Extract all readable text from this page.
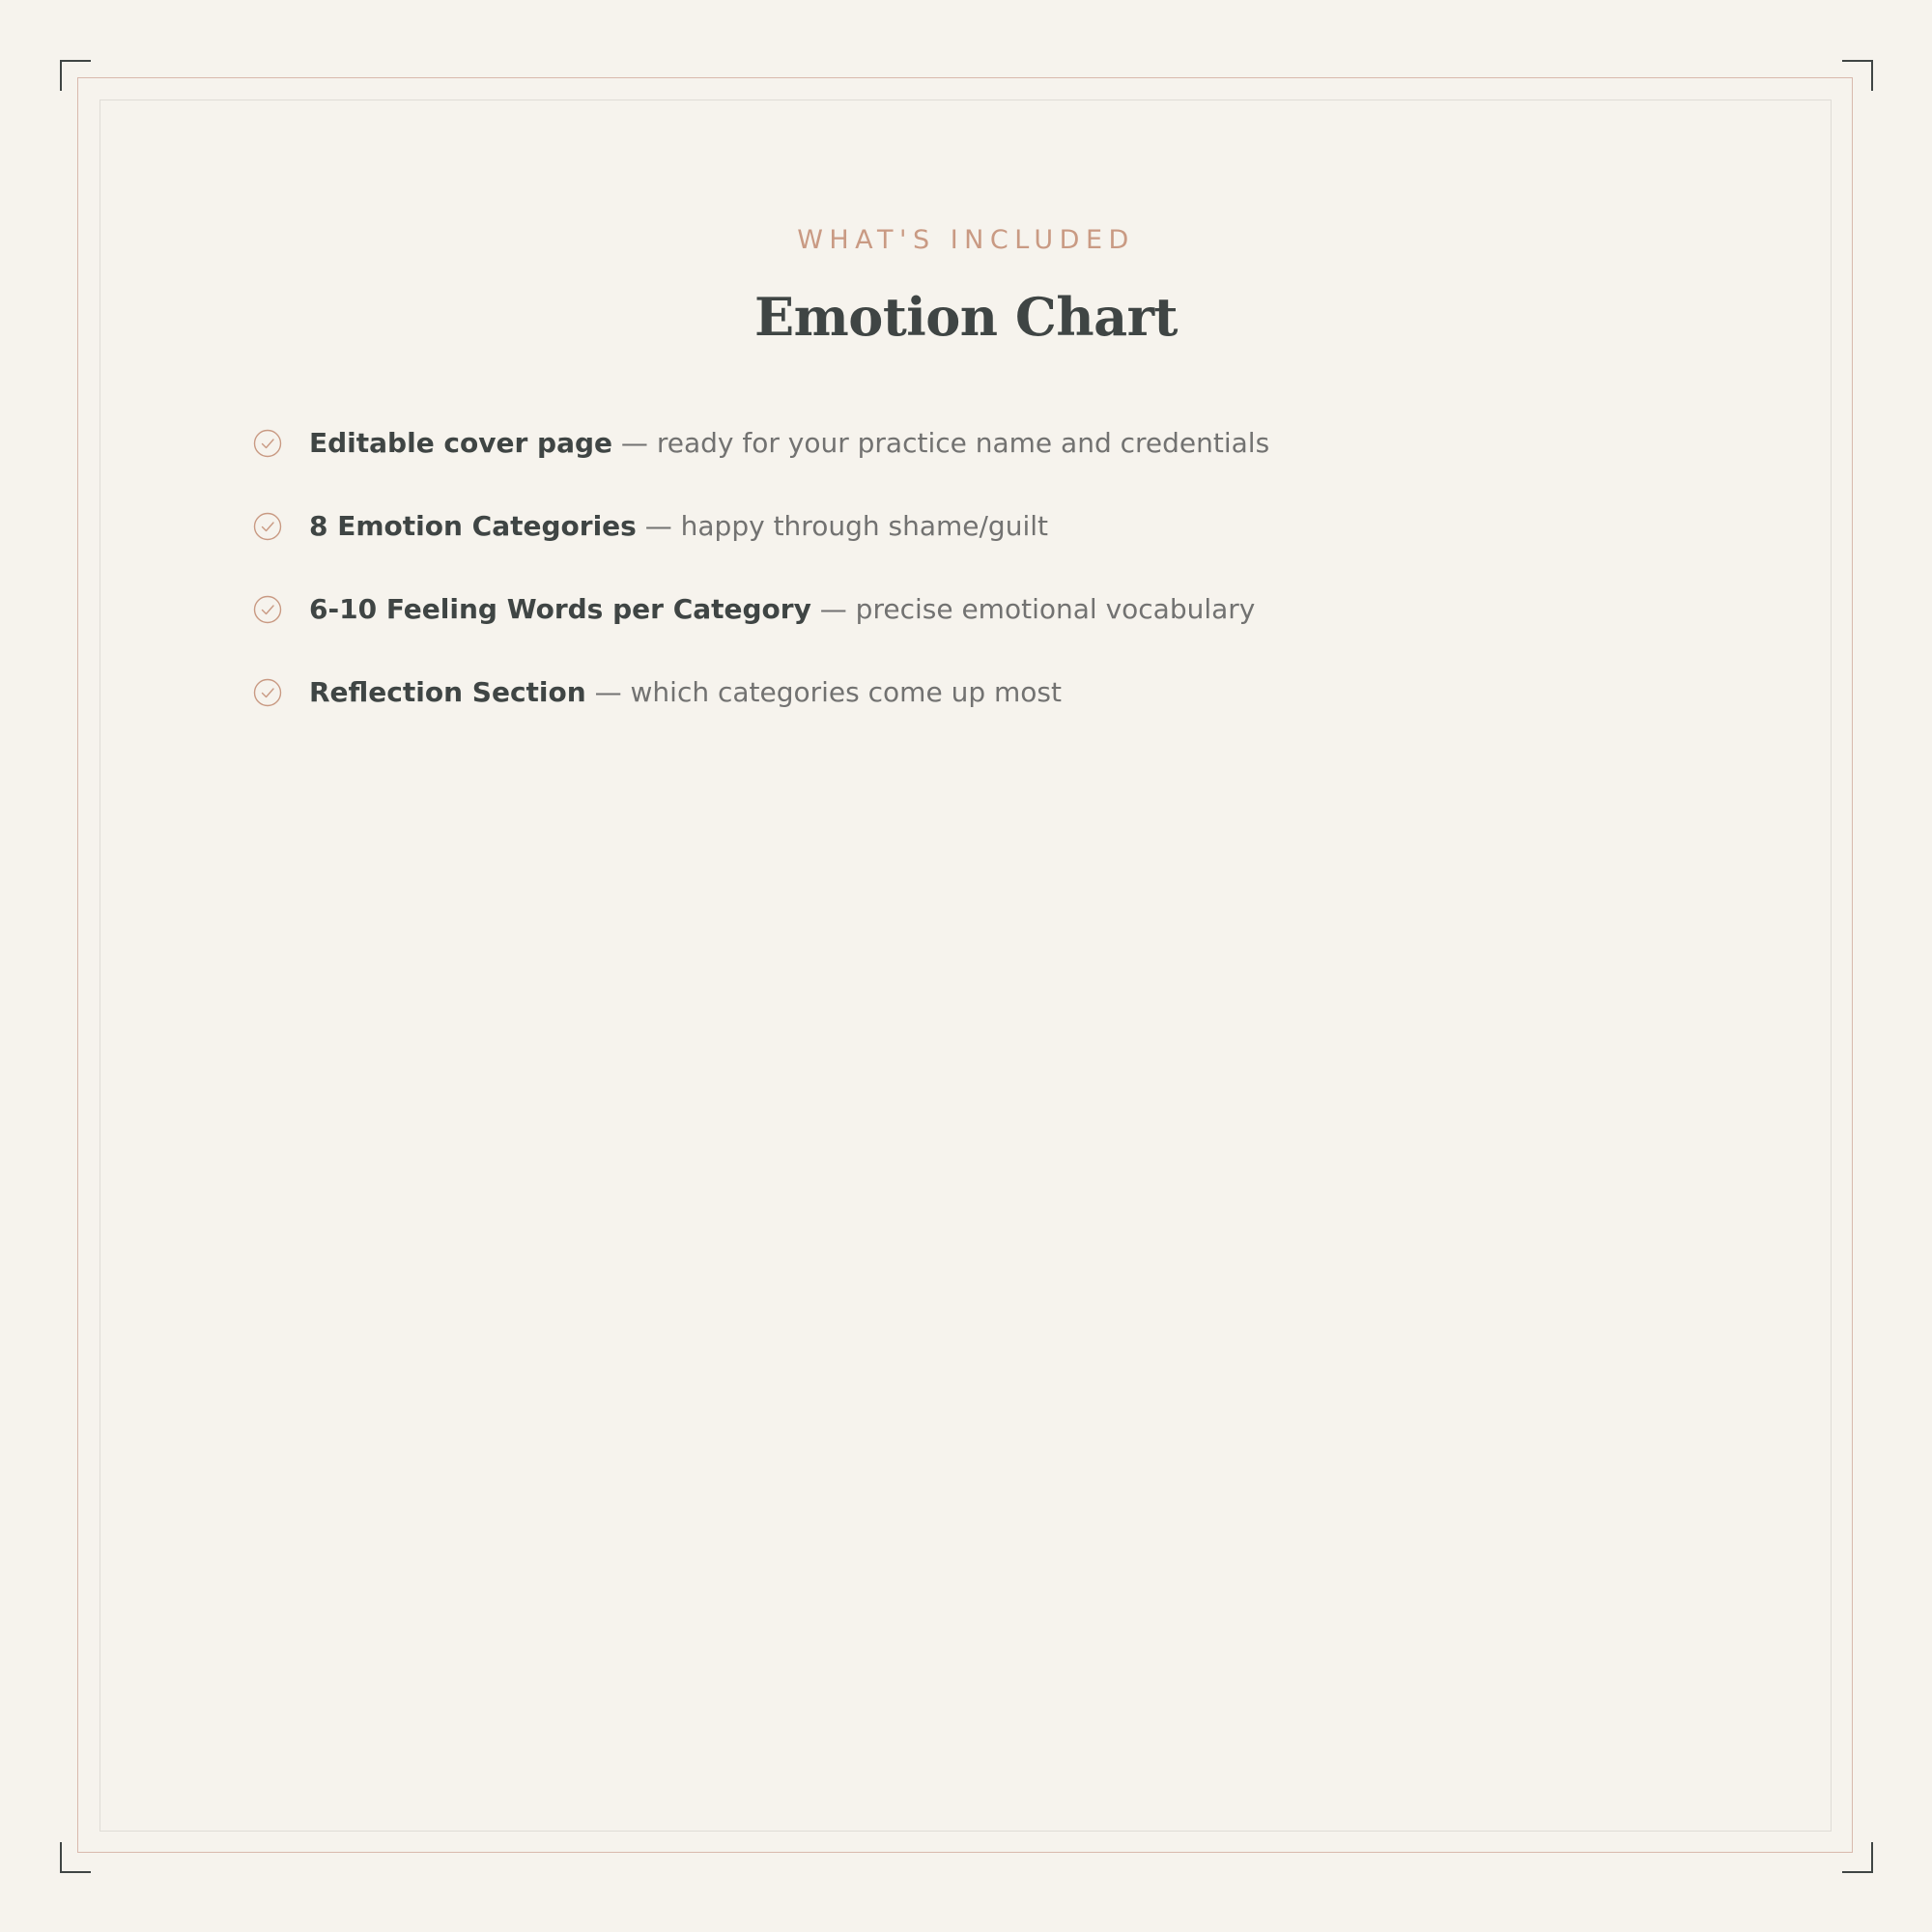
WHAT'S INCLUDED
Emotion Chart
Editable cover page — ready for your practice name and credentials
8 Emotion Categories — happy through shame/guilt
6-10 Feeling Words per Category — precise emotional vocabulary
Reflection Section — which categories come up most
